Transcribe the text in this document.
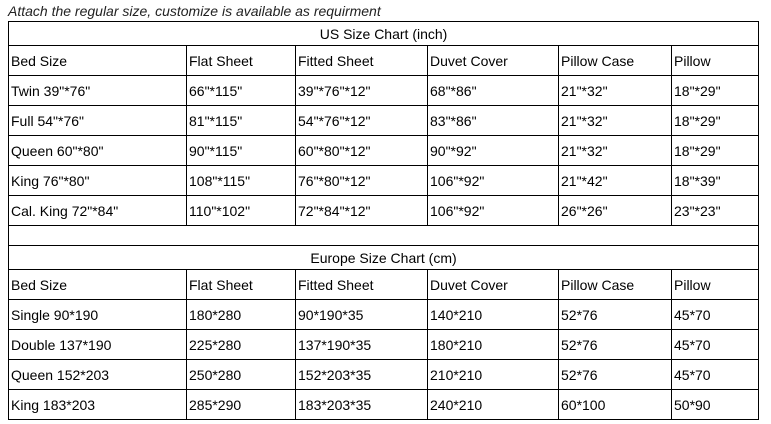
Attach the regular size, customize is available as requirment
US Size Chart (inch)					
Bed Size	Flat Sheet	Fitted Sheet	Duvet Cover	Pillow Case	Pillow
Twin 39"*76"	66"*115"	39"*76"*12"	68"*86"	21"*32"	18"*29"
Full 54"*76"	81"*115"	54"*76"*12"	83"*86"	21"*32"	18"*29"
Queen 60"*80"	90"*115"	60"*80"*12"	90"*92"	21"*32"	18"*29"
King 76"*80"	108"*115"	76"*80"*12"	106"*92"	21"*42"	18"*39"
Cal. King 72"*84"	110"*102"	72"*84"*12"	106"*92"	26"*26"	23"*23"

Europe Size Chart (cm)					
Bed Size	Flat Sheet	Fitted Sheet	Duvet Cover	Pillow Case	Pillow
Single 90*190	180*280	90*190*35	140*210	52*76	45*70
Double 137*190	225*280	137*190*35	180*210	52*76	45*70
Queen 152*203	250*280	152*203*35	210*210	52*76	45*70
King 183*203	285*290	183*203*35	240*210	60*100	50*90
